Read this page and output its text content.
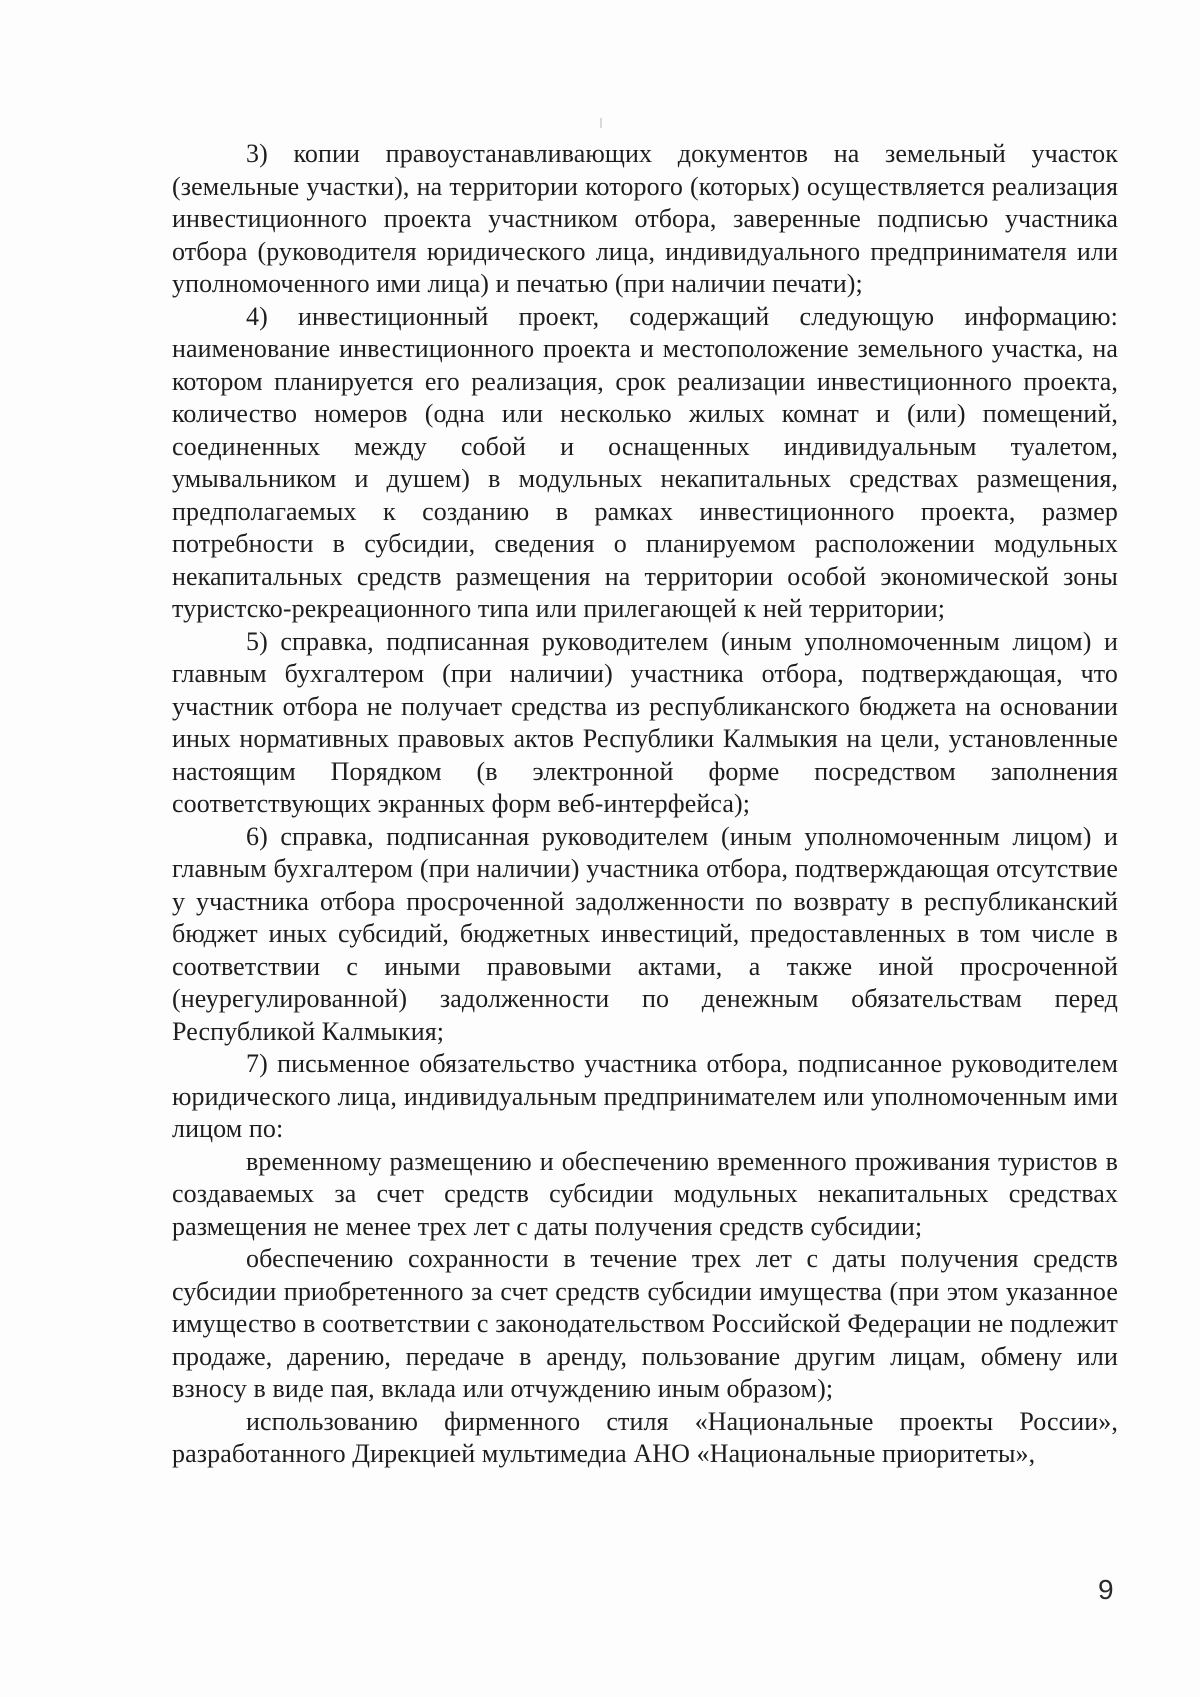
3) копии правоустанавливающих документов на земельный участок (земельные участки), на территории которого (которых) осуществляется реализация инвестиционного проекта участником отбора, заверенные подписью участника отбора (руководителя юридического лица, индивидуального предпринимателя или уполномоченного ими лица) и печатью (при наличии печати);

4) инвестиционный проект, содержащий следующую информацию: наименование инвестиционного проекта и местоположение земельного участка, на котором планируется его реализация, срок реализации инвестиционного проекта, количество номеров (одна или несколько жилых комнат и (или) помещений, соединенных между собой и оснащенных индивидуальным туалетом, умывальником и душем) в модульных некапитальных средствах размещения, предполагаемых к созданию в рамках инвестиционного проекта, размер потребности в субсидии, сведения о планируемом расположении модульных некапитальных средств размещения на территории особой экономической зоны туристско-рекреационного типа или прилегающей к ней территории;

5) справка, подписанная руководителем (иным уполномоченным лицом) и главным бухгалтером (при наличии) участника отбора, подтверждающая, что участник отбора не получает средства из республиканского бюджета на основании иных нормативных правовых актов Республики Калмыкия на цели, установленные настоящим Порядком (в электронной форме посредством заполнения соответствующих экранных форм веб-интерфейса);

6) справка, подписанная руководителем (иным уполномоченным лицом) и главным бухгалтером (при наличии) участника отбора, подтверждающая отсутствие у участника отбора просроченной задолженности по возврату в республиканский бюджет иных субсидий, бюджетных инвестиций, предоставленных в том числе в соответствии с иными правовыми актами, а также иной просроченной (неурегулированной) задолженности по денежным обязательствам перед Республикой Калмыкия;

7) письменное обязательство участника отбора, подписанное руководителем юридического лица, индивидуальным предпринимателем или уполномоченным ими лицом по:

временному размещению и обеспечению временного проживания туристов в создаваемых за счет средств субсидии модульных некапитальных средствах размещения не менее трех лет с даты получения средств субсидии;

обеспечению сохранности в течение трех лет с даты получения средств субсидии приобретенного за счет средств субсидии имущества (при этом указанное имущество в соответствии с законодательством Российской Федерации не подлежит продаже, дарению, передаче в аренду, пользование другим лицам, обмену или взносу в виде пая, вклада или отчуждению иным образом);

использованию фирменного стиля «Национальные проекты России», разработанного Дирекцией мультимедиа АНО «Национальные приоритеты»,

9
